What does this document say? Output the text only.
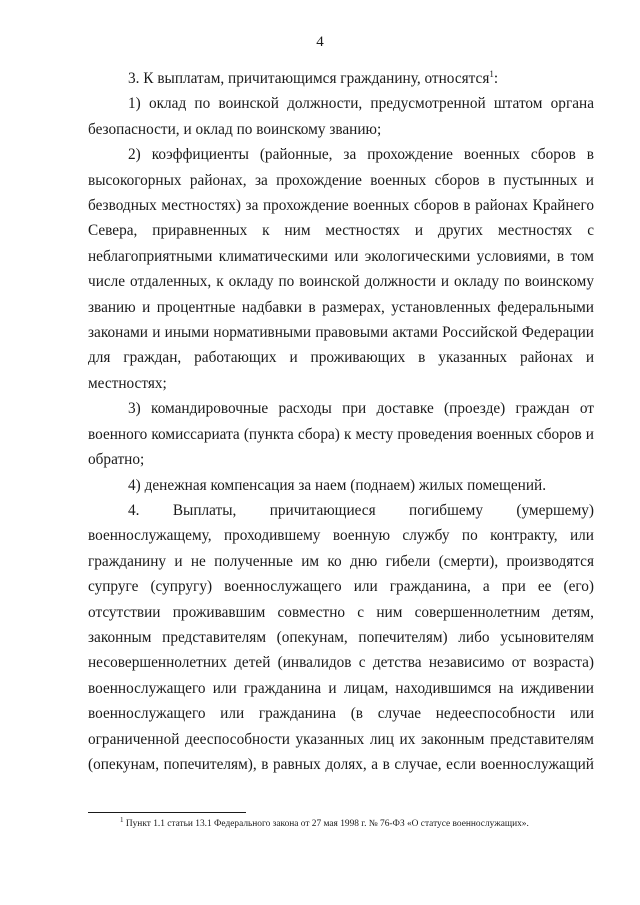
4

3. К выплатам, причитающимся гражданину, относятся$^1$:

1) оклад по воинской должности, предусмотренной штатом органа безопасности, и оклад по воинскому званию;

2) коэффициенты (районные, за прохождение военных сборов в высокогорных районах, за прохождение военных сборов в пустынных и безводных местностях) за прохождение военных сборов в районах Крайнего Севера, приравненных к ним местностях и других местностях с неблагоприятными климатическими или экологическими условиями, в том числе отдаленных, к окладу по воинской должности и окладу по воинскому званию и процентные надбавки в размерах, установленных федеральными законами и иными нормативными правовыми актами Российской Федерации для граждан, работающих и проживающих в указанных районах и местностях;

3) командировочные расходы при доставке (проезде) граждан от военного комиссариата (пункта сбора) к месту проведения военных сборов и обратно;

4) денежная компенсация за наем (поднаем) жилых помещений.

4. Выплаты, причитающиеся погибшему (умершему) военнослужащему, проходившему военную службу по контракту, или гражданину и не полученные им ко дню гибели (смерти), производятся супруге (супругу) военнослужащего или гражданина, а при ее (его) отсутствии проживавшим совместно с ним совершеннолетним детям, законным представителям (опекунам, попечителям) либо усыновителям несовершеннолетних детей (инвалидов с детства независимо от возраста) военнослужащего или гражданина и лицам, находившимся на иждивении военнослужащего или гражданина (в случае недееспособности или ограниченной дееспособности указанных лиц их законным представителям (опекунам, попечителям), в равных долях, а в случае, если военнослужащий

$^1$ Пункт 1.1 статьи 13.1 Федерального закона от 27 мая 1998 г. № 76-ФЗ «О статусе военнослужащих».
